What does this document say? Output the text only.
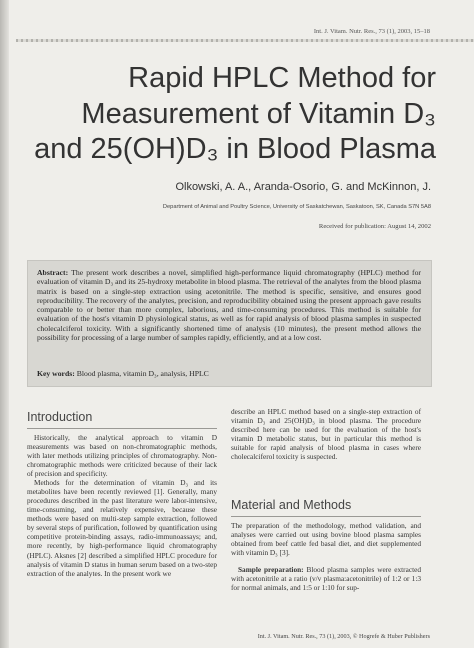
Int. J. Vitam. Nutr. Res., 73 (1), 2003, 15–18
Rapid HPLC Method for
Measurement of Vitamin D₃
and 25(OH)D₃ in Blood Plasma
Olkowski, A. A., Aranda-Osorio, G. and McKinnon, J.
Department of Animal and Poultry Science, University of Saskatchewan, Saskatoon, SK, Canada S7N 5A8
Received for publication: August 14, 2002

Abstract: The present work describes a novel, simplified high-performance liquid chromatography (HPLC) method for evaluation of vitamin D₃ and its 25-hydroxy metabolite in blood plasma. The retrieval of the analytes from the blood plasma matrix is based on a single-step extraction using acetonitrile. The method is specific, sensitive, and ensures good reproducibility. The recovery of the analytes, precision, and reproducibility obtained using the present approach gave results comparable to or better than more complex, laborious, and time-consuming procedures. This method is suitable for evaluation of the host's vitamin D physiological status, as well as for rapid analysis of blood plasma samples in suspected cholecalciferol toxicity. With a significantly shortened time of analysis (10 minutes), the present method allows the possibility for processing of a large number of samples rapidly, efficiently, and at a low cost.

Key words: Blood plasma, vitamin D₃, analysis, HPLC
Introduction

Historically, the analytical approach to vitamin D measurements was based on non-chromatographic methods, with later methods utilizing principles of chromatography. Non-chromatographic methods were criticized because of their lack of precision and specificity.

Methods for the determination of vitamin D₃ and its metabolites have been recently reviewed [1]. Generally, many procedures described in the past literature were labor-intensive, time-consuming, and relatively expensive, because these methods were based on multi-step sample extraction, followed by several steps of purification, followed by quantification using competitive protein-binding assays, radio-immunoassays; and, more recently, by high-performance liquid chromatography (HPLC). Aksnes [2] described a simplified HPLC procedure for analysis of vitamin D status in human serum based on a two-step extraction of the analytes. In the present work we

describe an HPLC method based on a single-step extraction of vitamin D₃ and 25(OH)D₃ in blood plasma. The procedure described here can be used for the evaluation of the host's vitamin D metabolic status, but in particular this method is suitable for rapid analysis of blood plasma in cases where cholecalciferol toxicity is suspected.

Material and Methods

The preparation of the methodology, method validation, and analyses were carried out using bovine blood plasma samples obtained from beef cattle fed basal diet, and diet supplemented with vitamin D₃ [3].

Sample preparation: Blood plasma samples were extracted with acetonitrile at a ratio (v/v plasma:acetonitrile) of 1:2 or 1:3 for normal animals, and 1:5 or 1:10 for sup-

Int. J. Vitam. Nutr. Res., 73 (1), 2003, © Hogrefe & Huber Publishers
